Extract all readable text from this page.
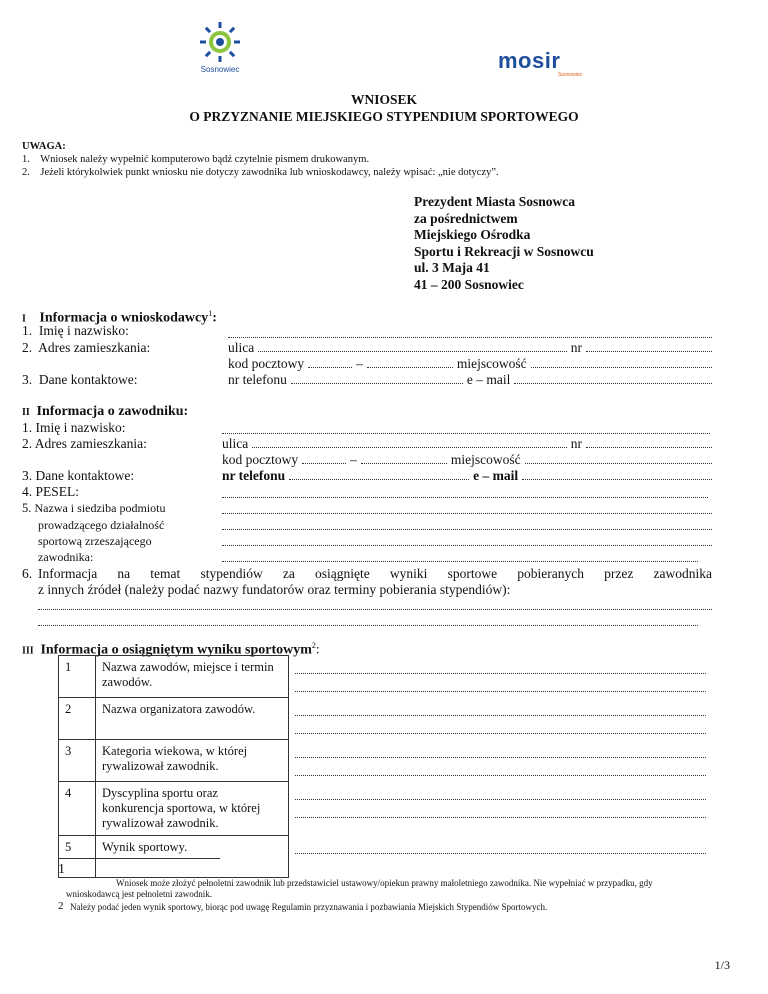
Sosnowiec	mosir
Sosnowiec
WNIOSEK
O PRZYZNANIE MIEJSKIEGO STYPENDIUM SPORTOWEGO
UWAGA:
1.    Wniosek należy wypełnić komputerowo bądź czytelnie pismem drukowanym.
2.    Jeżeli którykolwiek punkt wniosku nie dotyczy zawodnika lub wnioskodawcy, należy wpisać: „nie dotyczy”.
Prezydent Miasta Sosnowca
za pośrednictwem
Miejskiego Ośrodka
Sportu i Rekreacji w Sosnowcu
ul. 3 Maja 41
41 – 200 Sosnowiec
I Informacja o wnioskodawcy$^1$:
1. Imię i nazwisko:
2. Adres zamieszkania:	ulica	nr
kod pocztowy	–	miejscowość
3. Dane kontaktowe:	nr telefonu	e – mail
II Informacja o zawodniku:
1. Imię i nazwisko:
2. Adres zamieszkania:	ulica	nr
kod pocztowy	–	miejscowość
3. Dane kontaktowe:	nr telefonu	e – mail
4. PESEL:
5. Nazwa i siedziba podmiotu
prowadzącego działalność
sportową zrzeszającego
zawodnika:
6. Informacja na temat stypendiów za osiągnięte wyniki sportowe pobieranych przez zawodnika
z innych źródeł (należy podać nazwy fundatorów oraz terminy pobierania stypendiów):
III Informacja o osiągniętym wyniku sportowym$^2$:
1	Nazwa zawodów, miejsce i termin zawodów.	

2	Nazwa organizatora zawodów.	

3	Kategoria wiekowa, w której rywalizował zawodnik.	

4	Dyscyplina sportu oraz konkurencja sportowa, w której rywalizował zawodnik.	

5	Wynik sportowy.	
1
Wniosek może złożyć pełnoletni zawodnik lub przedstawiciel ustawowy/opiekun prawny małoletniego zawodnika. Nie wypełniać w przypadku, gdy wnioskodawcą jest pełnoletni zawodnik.
2 Należy podać jeden wynik sportowy, biorąc pod uwagę Regulamin przyznawania i pozbawiania Miejskich Stypendiów Sportowych.
1/3
